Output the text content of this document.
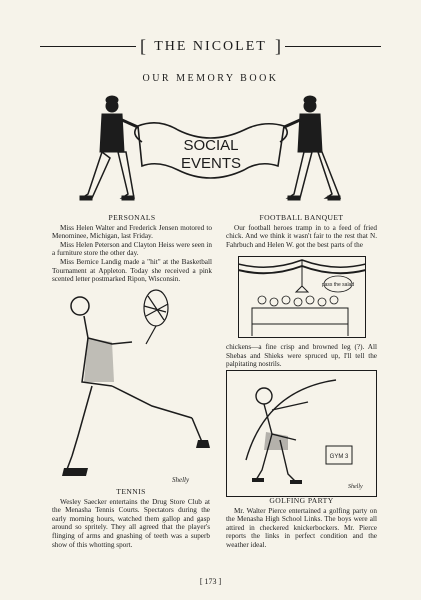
[ THE NICOLET ]
OUR MEMORY BOOK
SOCIAL
EVENTS
PERSONALS

Miss Helen Walter and Frederick Jensen motored to Menominee, Michigan, last Friday.

Miss Helen Peterson and Clayton Heiss were seen in a furniture store the other day.

Miss Bernice Landig made a "hit" at the Basketball Tournament at Appleton. Today she received a pink scented letter postmarked Ripon, Wisconsin.

FOOTBALL BANQUET

Our football heroes tramp in to a feed of fried chick. And we think it wasn't fair to the rest that N. Fahrbuch and Helen W. got the best parts of the

pass the salad

chickens—a fine crisp and browned leg (?). All Shebas and Shieks were spruced up, I'll tell the palpitating nostrils.

Shelly
GYM 3
Shelly
TENNIS

Wesley Saecker entertains the Drug Store Club at the Menasha Tennis Courts. Spectators during the early morning hours, watched them gallop and gasp around so spritely. They all agreed that the player's flinging of arms and gnashing of teeth was a superb show of this whotting sport.

GOLFING PARTY

Mr. Walter Pierce entertained a golfing party on the Menasha High School Links. The boys were all attired in checkered knickerbockers. Mr. Pierce reports the links in perfect condition and the weather ideal.

[ 173 ]
